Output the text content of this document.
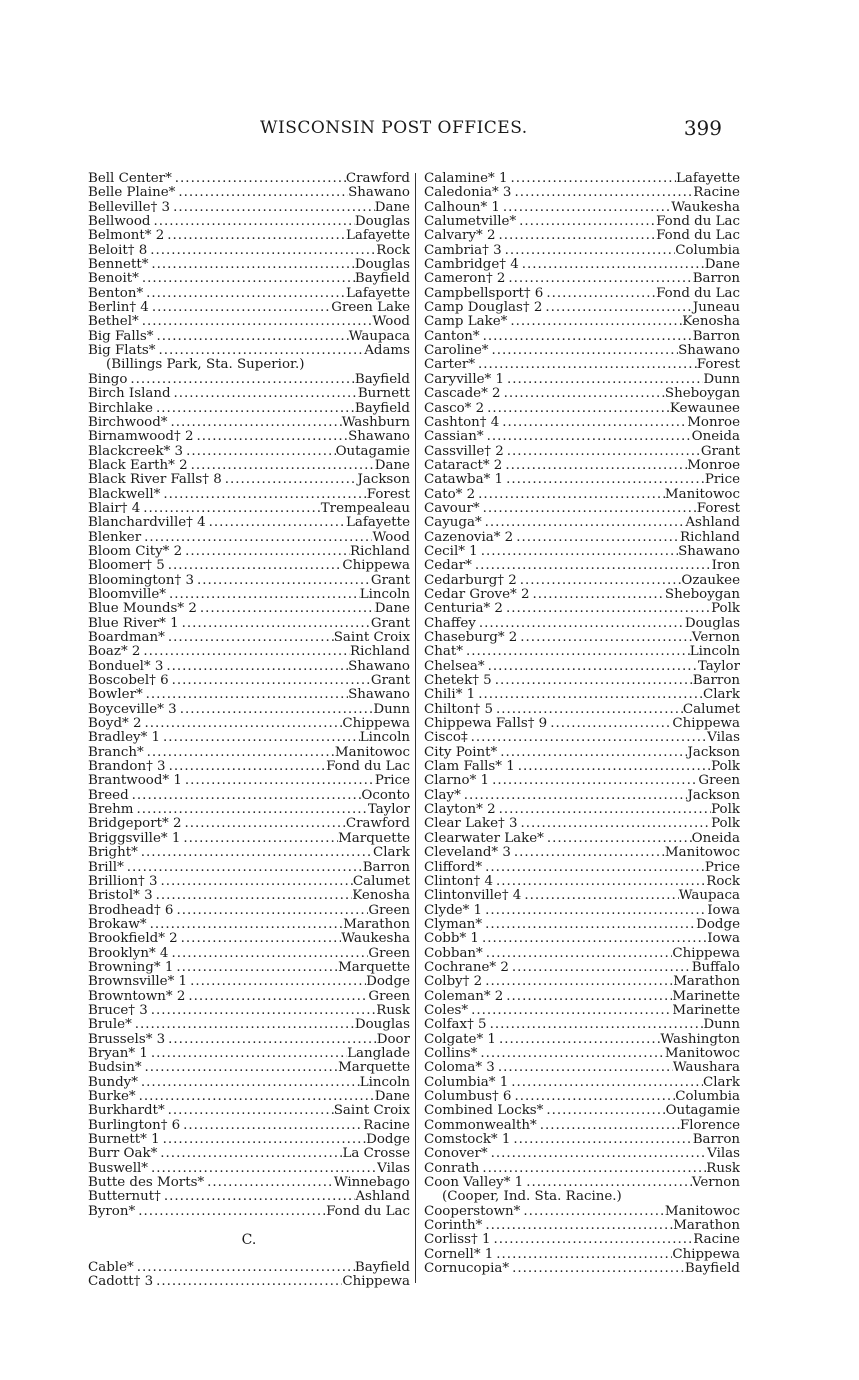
WISCONSIN POST OFFICES.	399
Bell Center* .....	Crawford
Belle Plaine* .....	Shawano
Belleville† 3 .....	Dane
Bellwood .....	Douglas
Belmont* 2 .....	Lafayette
Beloit† 8 .....	Rock
Bennett* .....	Douglas
Benoit* .....	Bayfield
Benton* .....	Lafayette
Berlin† 4 .....	Green Lake
Bethel* .....	Wood
Big Falls* .....	Waupaca
Big Flats* .....	Adams
(Billings Park, Sta. Superior.)
Bingo .....	Bayfield
Birch Island .....	Burnett
Birchlake .....	Bayfield
Birchwood* .....	Washburn
Birnamwood† 2 .....	Shawano
Blackcreek* 3 .....	Outagamie
Black Earth* 2 .....	Dane
Black River Falls† 8 .....	Jackson
Blackwell* .....	Forest
Blair† 4 .....	Trempealeau
Blanchardville† 4 .....	Lafayette
Blenker .....	Wood
Bloom City* 2 .....	Richland
Bloomer† 5 .....	Chippewa
Bloomington† 3 .....	Grant
Bloomville* .....	Lincoln
Blue Mounds* 2 .....	Dane
Blue River* 1 .....	Grant
Boardman* .....	Saint Croix
Boaz* 2 .....	Richland
Bonduel* 3 .....	Shawano
Boscobel† 6 .....	Grant
Bowler* .....	Shawano
Boyceville* 3 .....	Dunn
Boyd* 2 .....	Chippewa
Bradley* 1 .....	Lincoln
Branch* .....	Manitowoc
Brandon† 3 .....	Fond du Lac
Brantwood* 1 .....	Price
Breed .....	Oconto
Brehm .....	Taylor
Bridgeport* 2 .....	Crawford
Briggsville* 1 .....	Marquette
Bright* .....	Clark
Brill* .....	Barron
Brillion† 3 .....	Calumet
Bristol* 3 .....	Kenosha
Brodhead† 6 .....	Green
Brokaw* .....	Marathon
Brookfield* 2 .....	Waukesha
Brooklyn* 4 .....	Green
Browning* 1 .....	Marquette
Brownsville* 1 .....	Dodge
Browntown* 2 .....	Green
Bruce† 3 .....	Rusk
Brule* .....	Douglas
Brussels* 3 .....	Door
Bryan* 1 .....	Langlade
Budsin* .....	Marquette
Bundy* .....	Lincoln
Burke* .....	Dane
Burkhardt* .....	Saint Croix
Burlington† 6 .....	Racine
Burnett* 1 .....	Dodge
Burr Oak* .....	La Crosse
Buswell* .....	Vilas
Butte des Morts* .....	Winnebago
Butternut† .....	Ashland
Byron* .....	Fond du Lac
C.
Cable* .....	Bayfield
Cadott† 3 .....	Chippewa
Calamine* 1 .....	Lafayette
Caledonia* 3 .....	Racine
Calhoun* 1 .....	Waukesha
Calumetville* .....	Fond du Lac
Calvary* 2 .....	Fond du Lac
Cambria† 3 .....	Columbia
Cambridge† 4 .....	Dane
Cameron† 2 .....	Barron
Campbellsport† 6 .....	Fond du Lac
Camp Douglas† 2 .....	Juneau
Camp Lake* .....	Kenosha
Canton* .....	Barron
Caroline* .....	Shawano
Carter* .....	Forest
Caryville* 1 .....	Dunn
Cascade* 2 .....	Sheboygan
Casco* 2 .....	Kewaunee
Cashton† 4 .....	Monroe
Cassian* .....	Oneida
Cassville† 2 .....	Grant
Cataract* 2 .....	Monroe
Catawba* 1 .....	Price
Cato* 2 .....	Manitowoc
Cavour* .....	Forest
Cayuga* .....	Ashland
Cazenovia* 2 .....	Richland
Cecil* 1 .....	Shawano
Cedar* .....	Iron
Cedarburg† 2 .....	Ozaukee
Cedar Grove* 2 .....	Sheboygan
Centuria* 2 .....	Polk
Chaffey .....	Douglas
Chaseburg* 2 .....	Vernon
Chat* .....	Lincoln
Chelsea* .....	Taylor
Chetek† 5 .....	Barron
Chili* 1 .....	Clark
Chilton† 5 .....	Calumet
Chippewa Falls† 9 .....	Chippewa
Cisco‡ .....	Vilas
City Point* .....	Jackson
Clam Falls* 1 .....	Polk
Clarno* 1 .....	Green
Clay* .....	Jackson
Clayton* 2 .....	Polk
Clear Lake† 3 .....	Polk
Clearwater Lake* .....	Oneida
Cleveland* 3 .....	Manitowoc
Clifford* .....	Price
Clinton† 4 .....	Rock
Clintonville† 4 .....	Waupaca
Clyde* 1 .....	Iowa
Clyman* .....	Dodge
Cobb* 1 .....	Iowa
Cobban* .....	Chippewa
Cochrane* 2 .....	Buffalo
Colby† 2 .....	Marathon
Coleman* 2 .....	Marinette
Coles* .....	Marinette
Colfax† 5 .....	Dunn
Colgate* 1 .....	Washington
Collins* .....	Manitowoc
Coloma* 3 .....	Waushara
Columbia* 1 .....	Clark
Columbus† 6 .....	Columbia
Combined Locks* .....	Outagamie
Commonwealth* .....	Florence
Comstock* 1 .....	Barron
Conover* .....	Vilas
Conrath .....	Rusk
Coon Valley* 1 .....	Vernon
(Cooper, Ind. Sta. Racine.)
Cooperstown* .....	Manitowoc
Corinth* .....	Marathon
Corliss† 1 .....	Racine
Cornell* 1 .....	Chippewa
Cornucopia* .....	Bayfield
